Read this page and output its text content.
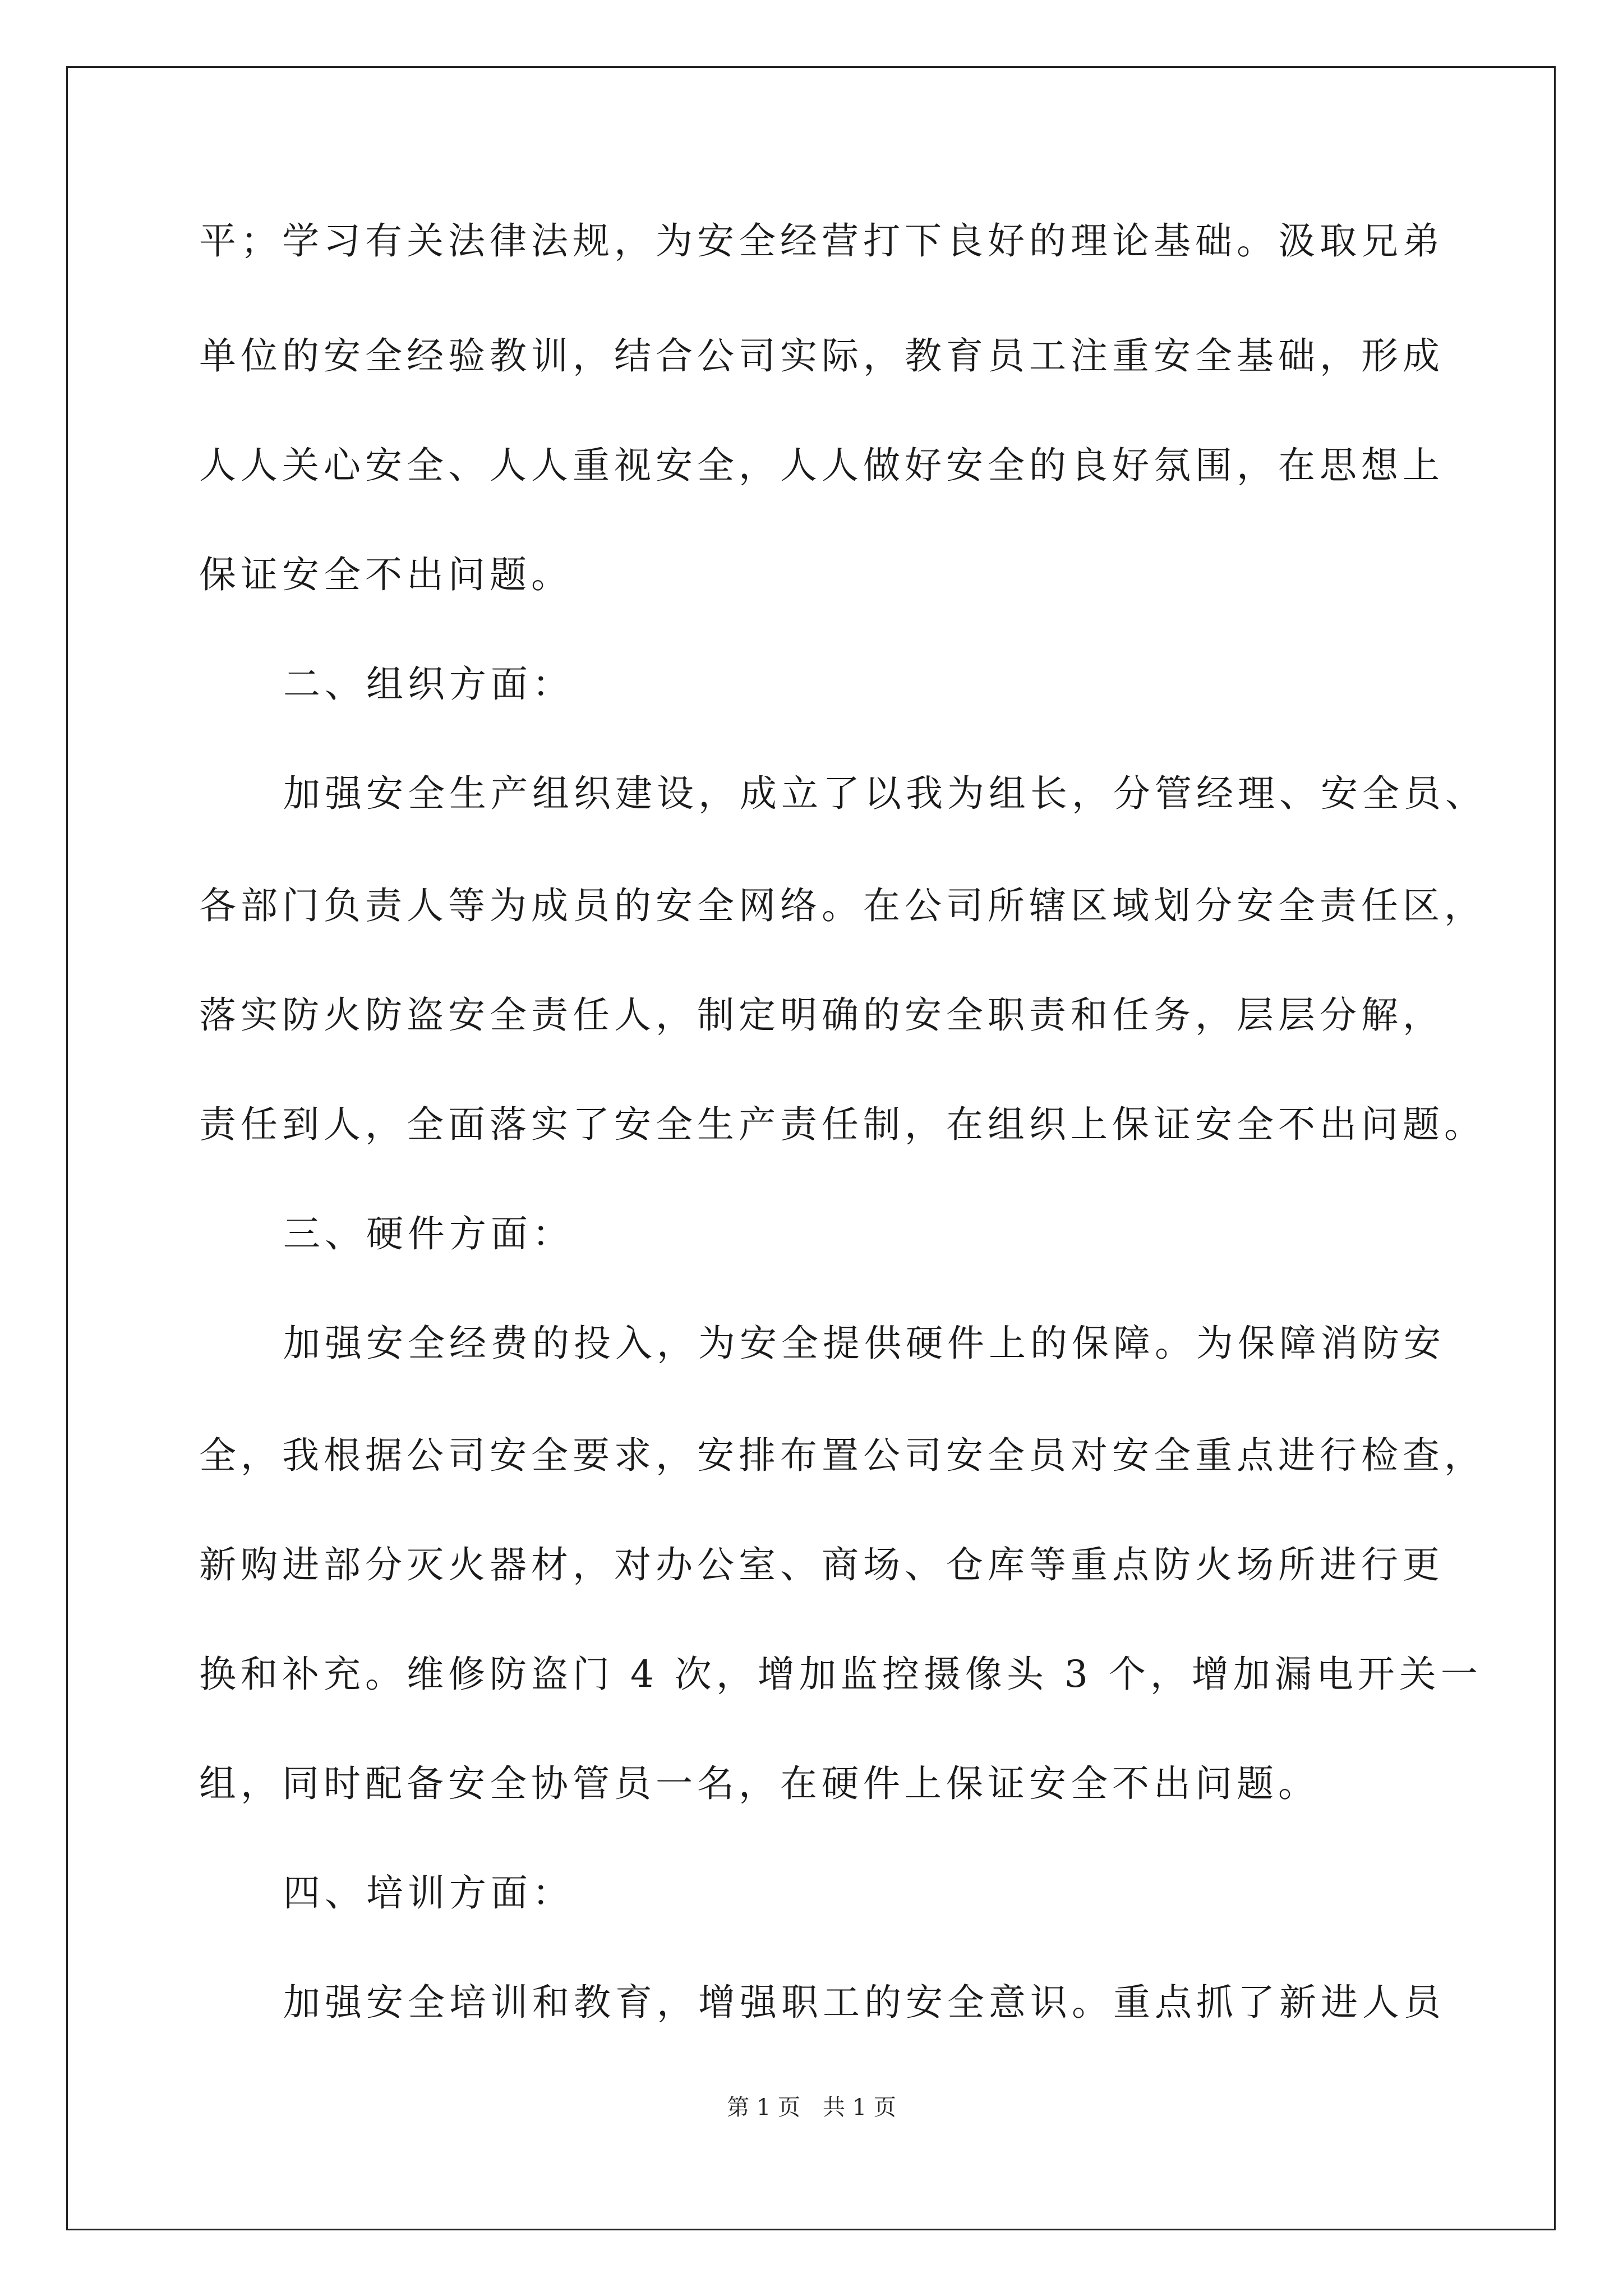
平；学习有关法律法规，为安全经营打下良好的理论基础。汲取兄弟
单位的安全经验教训，结合公司实际，教育员工注重安全基础，形成
人人关心安全、人人重视安全，人人做好安全的良好氛围，在思想上
保证安全不出问题。
二、组织方面：
加强安全生产组织建设，成立了以我为组长，分管经理、安全员、
各部门负责人等为成员的安全网络。在公司所辖区域划分安全责任区，
落实防火防盗安全责任人，制定明确的安全职责和任务，层层分解，
责任到人，全面落实了安全生产责任制，在组织上保证安全不出问题。
三、硬件方面：
加强安全经费的投入，为安全提供硬件上的保障。为保障消防安
全，我根据公司安全要求，安排布置公司安全员对安全重点进行检查，
新购进部分灭火器材，对办公室、商场、仓库等重点防火场所进行更
换和补充。维修防盗门 4 次，增加监控摄像头 3 个，增加漏电开关一
组，同时配备安全协管员一名，在硬件上保证安全不出问题。
四、培训方面：
加强安全培训和教育，增强职工的安全意识。重点抓了新进人员
第 1 页 共 1 页
